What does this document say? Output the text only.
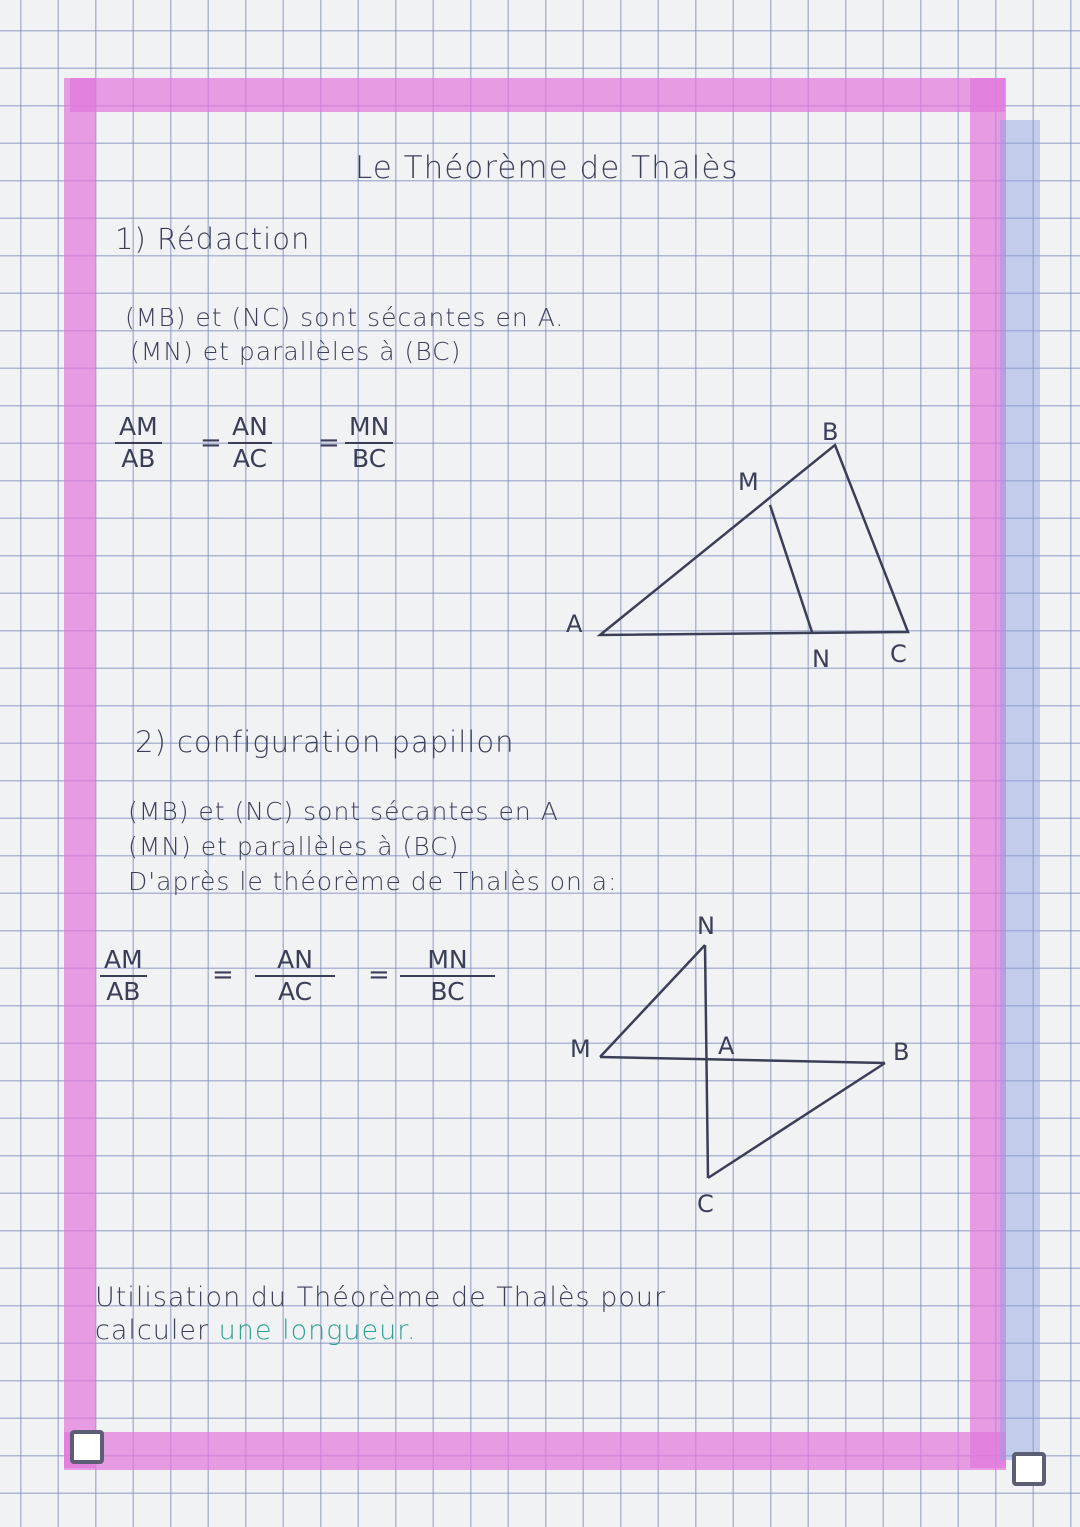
Le Théorème de Thalès
1) Rédaction
(MB) et (NC) sont sécantes en A.
(MN) et parallèles à (BC)
$\frac{AM}{AB} = \frac{AN}{AC} = \frac{MN}{BC}$	B
M
A
N	C
2) configuration papillon
(MB) et (NC) sont sécantes en A
(MN) et parallèles à (BC)
D'après le théorème de Thalès on a:
$\frac{AM}{AB}$	= $\frac{AN}{AC} = \frac{MN}{BC}$
N
M	A	B
C
Utilisation du Théorème de Thalès pour
calculer une longueur.
